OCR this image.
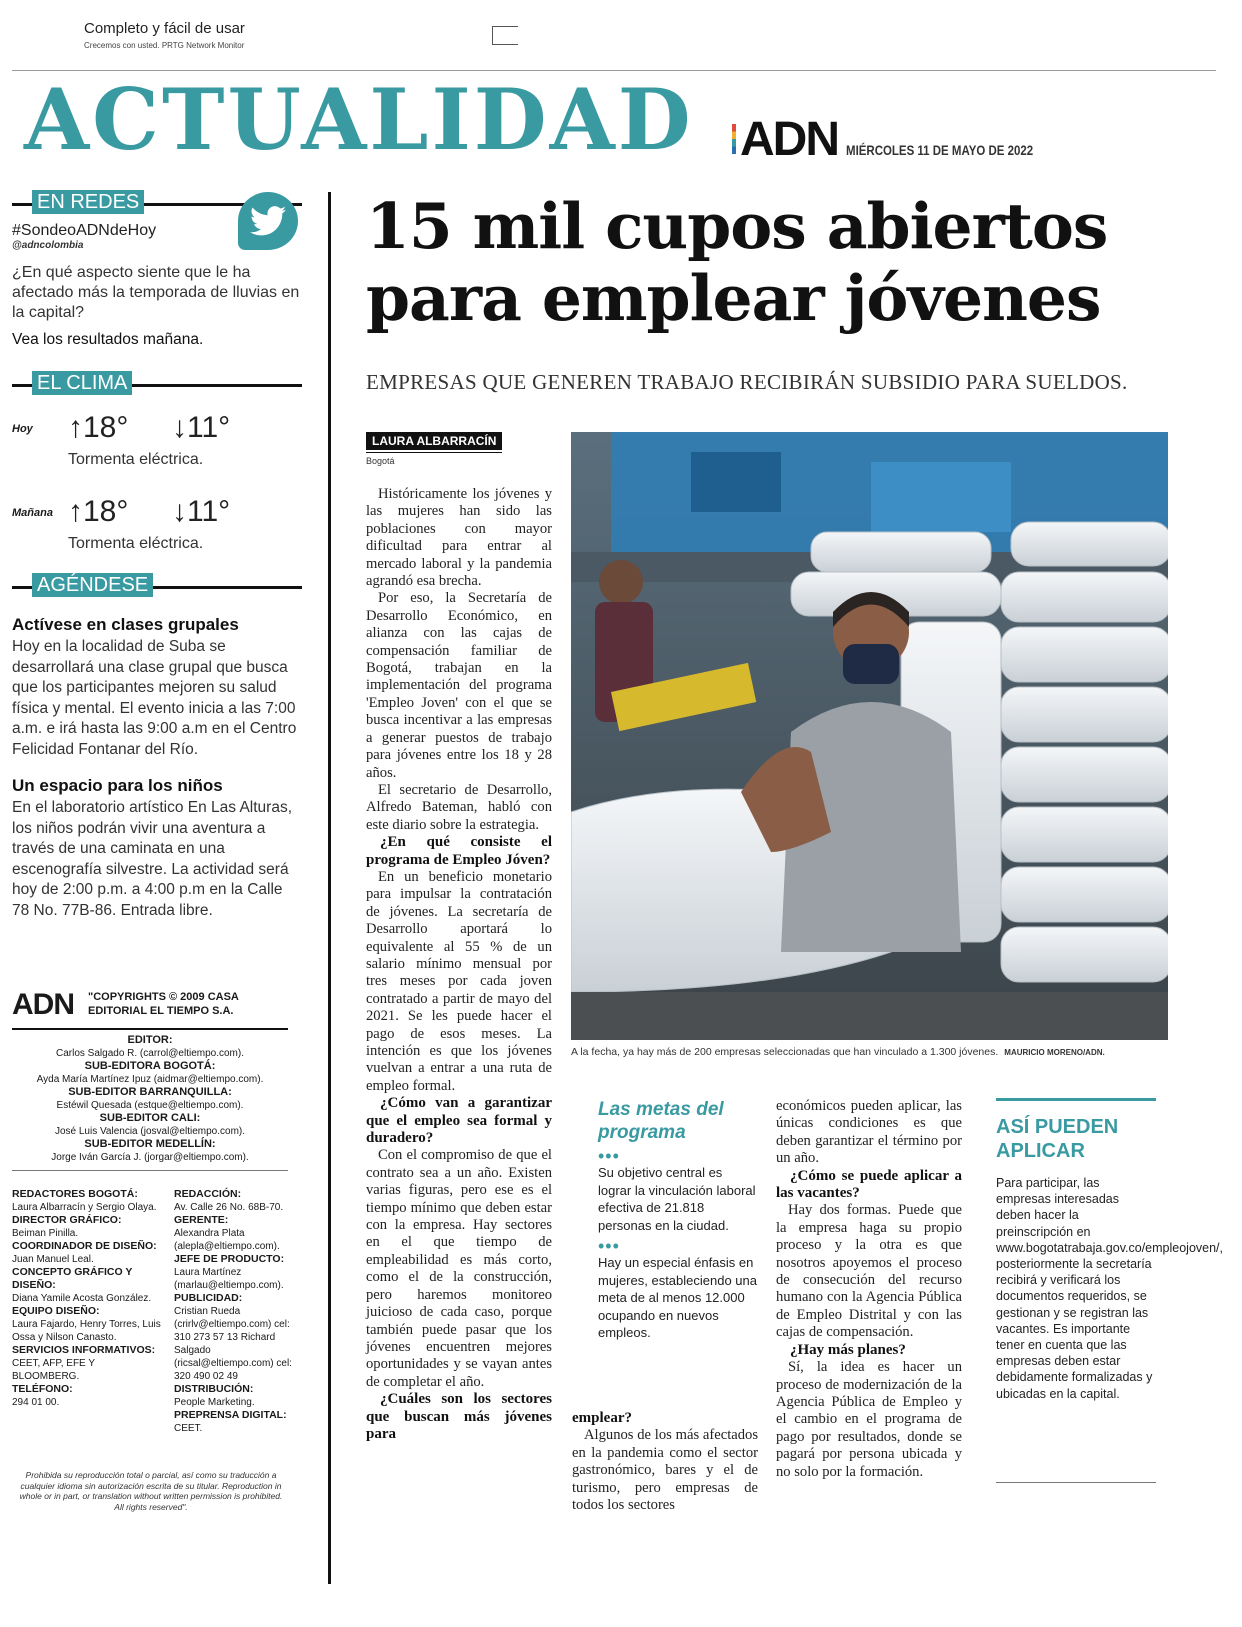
Completo y fácil de usar
Crecemos con usted. PRTG Network Monitor
ACTUALIDAD ADN MIÉRCOLES 11 DE MAYO DE 2022
EN REDES
#SondeoADNdeHoy
@adncolombia
¿En qué aspecto siente que le ha afectado más la temporada de lluvias en la capital?
Vea los resultados mañana.
EL CLIMA
Hoy ↑18° ↓11°
Tormenta eléctrica.
Mañana ↑18° ↓11°
Tormenta eléctrica.
AGÉNDESE
Actívese en clases grupales
Hoy en la localidad de Suba se desarrollará una clase grupal que busca que los participantes mejoren su salud física y mental. El evento inicia a las 7:00 a.m. e irá hasta las 9:00 a.m en el Centro Felicidad Fontanar del Río.
Un espacio para los niños
En el laboratorio artístico En Las Alturas, los niños podrán vivir una aventura a través de una caminata en una escenografía silvestre. La actividad será hoy de 2:00 p.m. a 4:00 p.m en la Calle 78 No. 77B-86. Entrada libre.
ADN	"COPYRIGHTS © 2009 CASA EDITORIAL EL TIEMPO S.A.
EDITOR:
Carlos Salgado R. (carrol@eltiempo.com).
SUB-EDITORA BOGOTÁ:
Ayda María Martínez Ipuz (aidmar@eltiempo.com).
SUB-EDITOR BARRANQUILLA:
Estéwil Quesada (estque@eltiempo.com).
SUB-EDITOR CALI:
José Luis Valencia (josval@eltiempo.com).
SUB-EDITOR MEDELLÍN:
Jorge Iván García J. (jorgar@eltiempo.com).
REDACTORES BOGOTÁ:
Laura Albarracín y Sergio Olaya.
DIRECTOR GRÁFICO:
Beiman Pinilla.
COORDINADOR DE DISEÑO:
Juan Manuel Leal.
CONCEPTO GRÁFICO Y DISEÑO:
Diana Yamile Acosta González.
EQUIPO DISEÑO:
Laura Fajardo, Henry Torres, Luis Ossa y Nilson Canasto.
SERVICIOS INFORMATIVOS:
CEET, AFP, EFE Y BLOOMBERG.
TELÉFONO:
294 01 00.
REDACCIÓN:
Av. Calle 26 No. 68B-70.
GERENTE:
Alexandra Plata (alepla@eltiempo.com).
JEFE DE PRODUCTO:
Laura Martínez (marlau@eltiempo.com).
PUBLICIDAD:
Cristian Rueda (crirlv@eltiempo.com) cel: 310 273 57 13 Richard Salgado (ricsal@eltiempo.com) cel: 320 490 02 49
DISTRIBUCIÓN:
People Marketing.
PREPRENSA DIGITAL:
CEET.
Prohibida su reproducción total o parcial, así como su traducción a cualquier idioma sin autorización escrita de su titular. Reproduction in whole or in part, or translation without written permission is prohibited. All rights reserved".
15 mil cupos abiertos para emplear jóvenes
EMPRESAS QUE GENEREN TRABAJO RECIBIRÁN SUBSIDIO PARA SUELDOS.
LAURA ALBARRACÍN
Bogotá

Históricamente los jóvenes y las mujeres han sido las poblaciones con mayor dificultad para entrar al mercado laboral y la pandemia agrandó esa brecha.

Por eso, la Secretaría de Desarrollo Económico, en alianza con las cajas de compensación familiar de Bogotá, trabajan en la implementación del programa 'Empleo Joven' con el que se busca incentivar a las empresas a generar puestos de trabajo para jóvenes entre los 18 y 28 años.

El secretario de Desarrollo, Alfredo Bateman, habló con este diario sobre la estrategia.

¿En qué consiste el programa de Empleo Jóven?

En un beneficio monetario para impulsar la contratación de jóvenes. La secretaría de Desarrollo aportará lo equivalente al 55 % de un salario mínimo mensual por tres meses por cada joven contratado a partir de mayo del 2021. Se les puede hacer el pago de esos meses. La intención es que los jóvenes vuelvan a entrar a una ruta de empleo formal.

¿Cómo van a garantizar que el empleo sea formal y duradero?

Con el compromiso de que el contrato sea a un año. Existen varias figuras, pero ese es el tiempo mínimo que deben estar con la empresa. Hay sectores en el que tiempo de empleabilidad es más corto, como el de la construcción, pero haremos monitoreo juicioso de cada caso, porque también puede pasar que los jóvenes encuentren mejores oportunidades y se vayan antes de completar el año.

¿Cuáles son los sectores que buscan más jóvenes para
emplear?

Algunos de los más afectados en la pandemia como el sector gastronómico, bares y el de turismo, pero empresas de todos los sectores

económicos pueden aplicar, las únicas condiciones es que deben garantizar el término por un año.

¿Cómo se puede aplicar a las vacantes?

Hay dos formas. Puede que la empresa haga su propio proceso y la otra es que nosotros apoyemos el proceso de consecución del recurso humano con la Agencia Pública de Empleo Distrital y con las cajas de compensación.

¿Hay más planes?

Sí, la idea es hacer un proceso de modernización de la Agencia Pública de Empleo y el cambio en el programa de pago por resultados, donde se pagará por persona ubicada y no solo por la formación.

A la fecha, ya hay más de 200 empresas seleccionadas que han vinculado a 1.300 jóvenes. MAURICIO MORENO/ADN.
Las metas del programa
•••
Su objetivo central es lograr la vinculación laboral efectiva de 21.818 personas en la ciudad.
•••
Hay un especial énfasis en mujeres, estableciendo una meta de al menos 12.000 ocupando en nuevos empleos.
ASÍ PUEDEN APLICAR
Para participar, las empresas interesadas deben hacer la preinscripción en www.bogotatrabaja.gov.co/empleojoven/, posteriormente la secretaría recibirá y verificará los documentos requeridos, se gestionan y se registran las vacantes. Es importante tener en cuenta que las empresas deben estar debidamente formalizadas y ubicadas en la capital.
